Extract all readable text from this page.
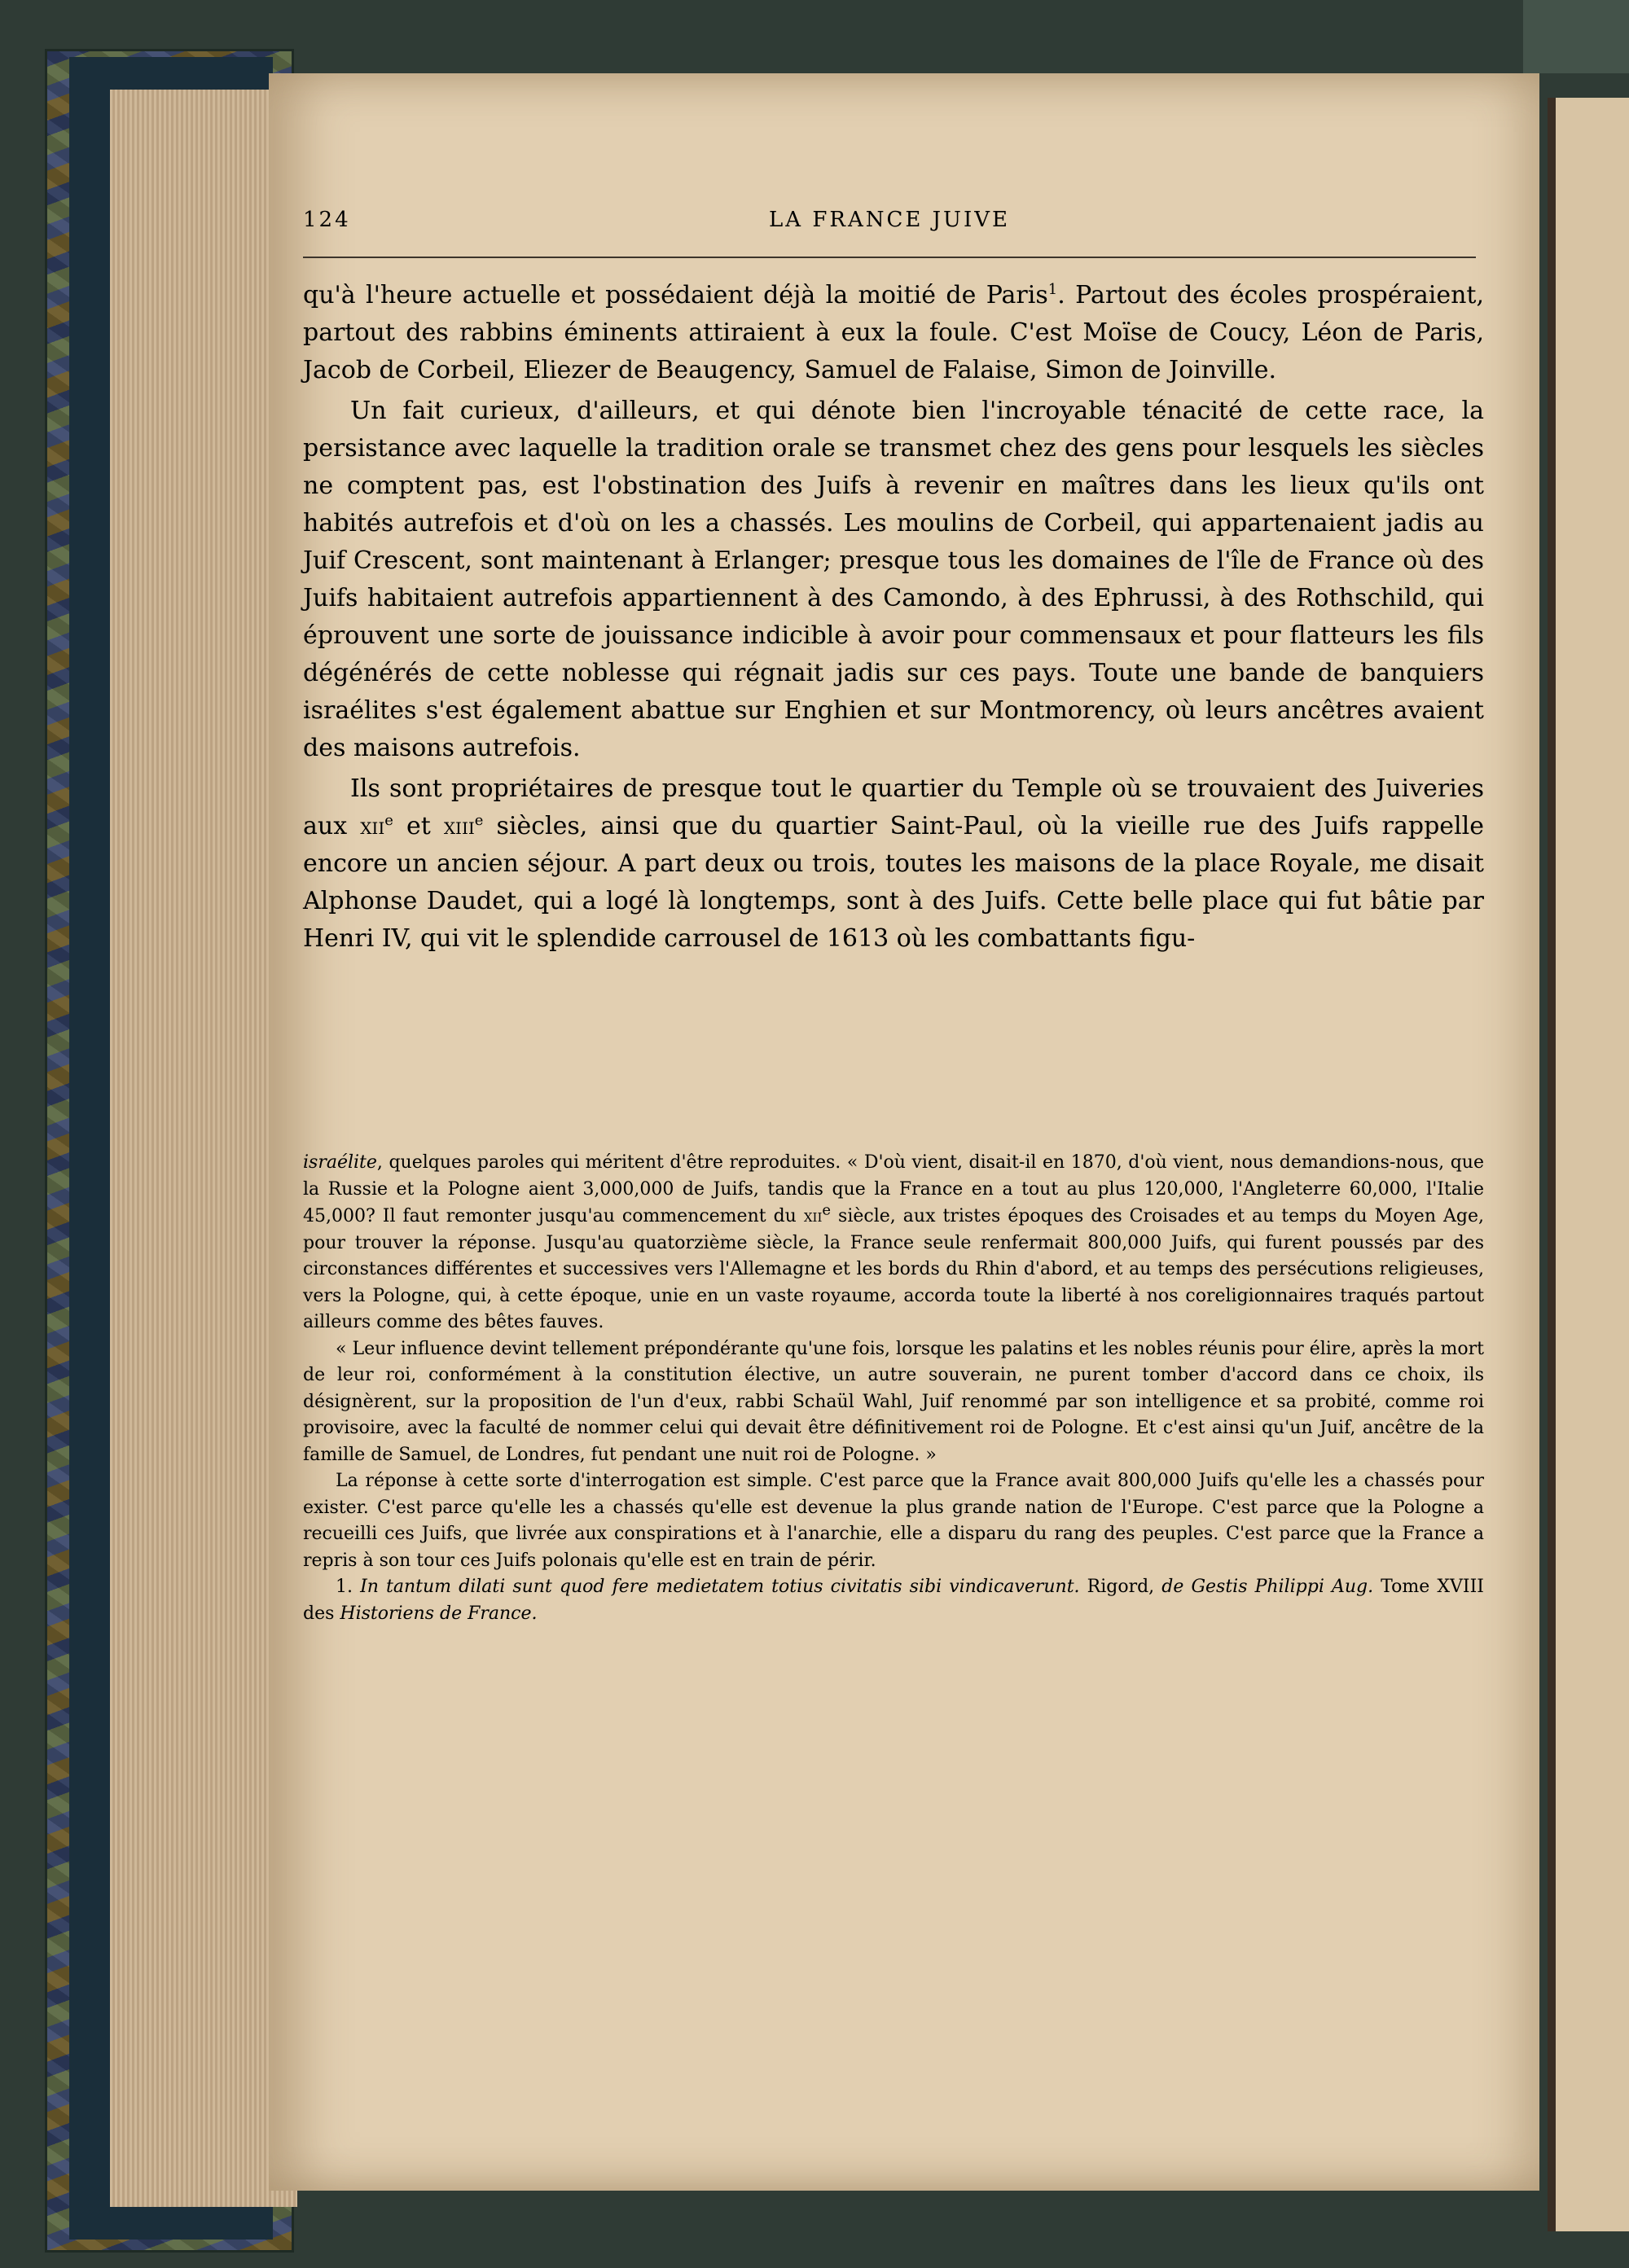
124	LA FRANCE JUIVE

qu'à l'heure actuelle et possédaient déjà la moitié de Paris$^1$. Partout des écoles prospéraient, partout des rabbins éminents attiraient à eux la foule. C'est Moïse de Coucy, Léon de Paris, Jacob de Corbeil, Eliezer de Beaugency, Samuel de Falaise, Simon de Joinville.

Un fait curieux, d'ailleurs, et qui dénote bien l'incroyable ténacité de cette race, la persistance avec laquelle la tradition orale se transmet chez des gens pour lesquels les siècles ne comptent pas, est l'obstination des Juifs à revenir en maîtres dans les lieux qu'ils ont habités autrefois et d'où on les a chassés. Les moulins de Corbeil, qui appartenaient jadis au Juif Crescent, sont maintenant à Erlanger; presque tous les domaines de l'île de France où des Juifs habitaient autrefois appartiennent à des Camondo, à des Ephrussi, à des Rothschild, qui éprouvent une sorte de jouissance indicible à avoir pour commensaux et pour flatteurs les fils dégénérés de cette noblesse qui régnait jadis sur ces pays. Toute une bande de banquiers israélites s'est également abattue sur Enghien et sur Montmorency, où leurs ancêtres avaient des maisons autrefois.

Ils sont propriétaires de presque tout le quartier du Temple où se trouvaient des Juiveries aux xii$^e$ et xiii$^e$ siècles, ainsi que du quartier Saint-Paul, où la vieille rue des Juifs rappelle encore un ancien séjour. A part deux ou trois, toutes les maisons de la place Royale, me disait Alphonse Daudet, qui a logé là longtemps, sont à des Juifs. Cette belle place qui fut bâtie par Henri IV, qui vit le splendide carrousel de 1613 où les combattants figu-

israélite, quelques paroles qui méritent d'être reproduites. « D'où vient, disait-il en 1870, d'où vient, nous demandions-nous, que la Russie et la Pologne aient 3,000,000 de Juifs, tandis que la France en a tout au plus 120,000, l'Angleterre 60,000, l'Italie 45,000? Il faut remonter jusqu'au commencement du xii$^e$ siècle, aux tristes époques des Croisades et au temps du Moyen Age, pour trouver la réponse. Jusqu'au quatorzième siècle, la France seule renfermait 800,000 Juifs, qui furent poussés par des circonstances différentes et successives vers l'Allemagne et les bords du Rhin d'abord, et au temps des persécutions religieuses, vers la Pologne, qui, à cette époque, unie en un vaste royaume, accorda toute la liberté à nos coreligionnaires traqués partout ailleurs comme des bêtes fauves.

« Leur influence devint tellement prépondérante qu'une fois, lorsque les palatins et les nobles réunis pour élire, après la mort de leur roi, conformément à la constitution élective, un autre souverain, ne purent tomber d'accord dans ce choix, ils désignèrent, sur la proposition de l'un d'eux, rabbi Schaül Wahl, Juif renommé par son intelligence et sa probité, comme roi provisoire, avec la faculté de nommer celui qui devait être définitivement roi de Pologne. Et c'est ainsi qu'un Juif, ancêtre de la famille de Samuel, de Londres, fut pendant une nuit roi de Pologne. »

La réponse à cette sorte d'interrogation est simple. C'est parce que la France avait 800,000 Juifs qu'elle les a chassés pour exister. C'est parce qu'elle les a chassés qu'elle est devenue la plus grande nation de l'Europe. C'est parce que la Pologne a recueilli ces Juifs, que livrée aux conspirations et à l'anarchie, elle a disparu du rang des peuples. C'est parce que la France a repris à son tour ces Juifs polonais qu'elle est en train de périr.

1. In tantum dilati sunt quod fere medietatem totius civitatis sibi vindicaverunt. Rigord, de Gestis Philippi Aug. Tome XVIII des Historiens de France.
